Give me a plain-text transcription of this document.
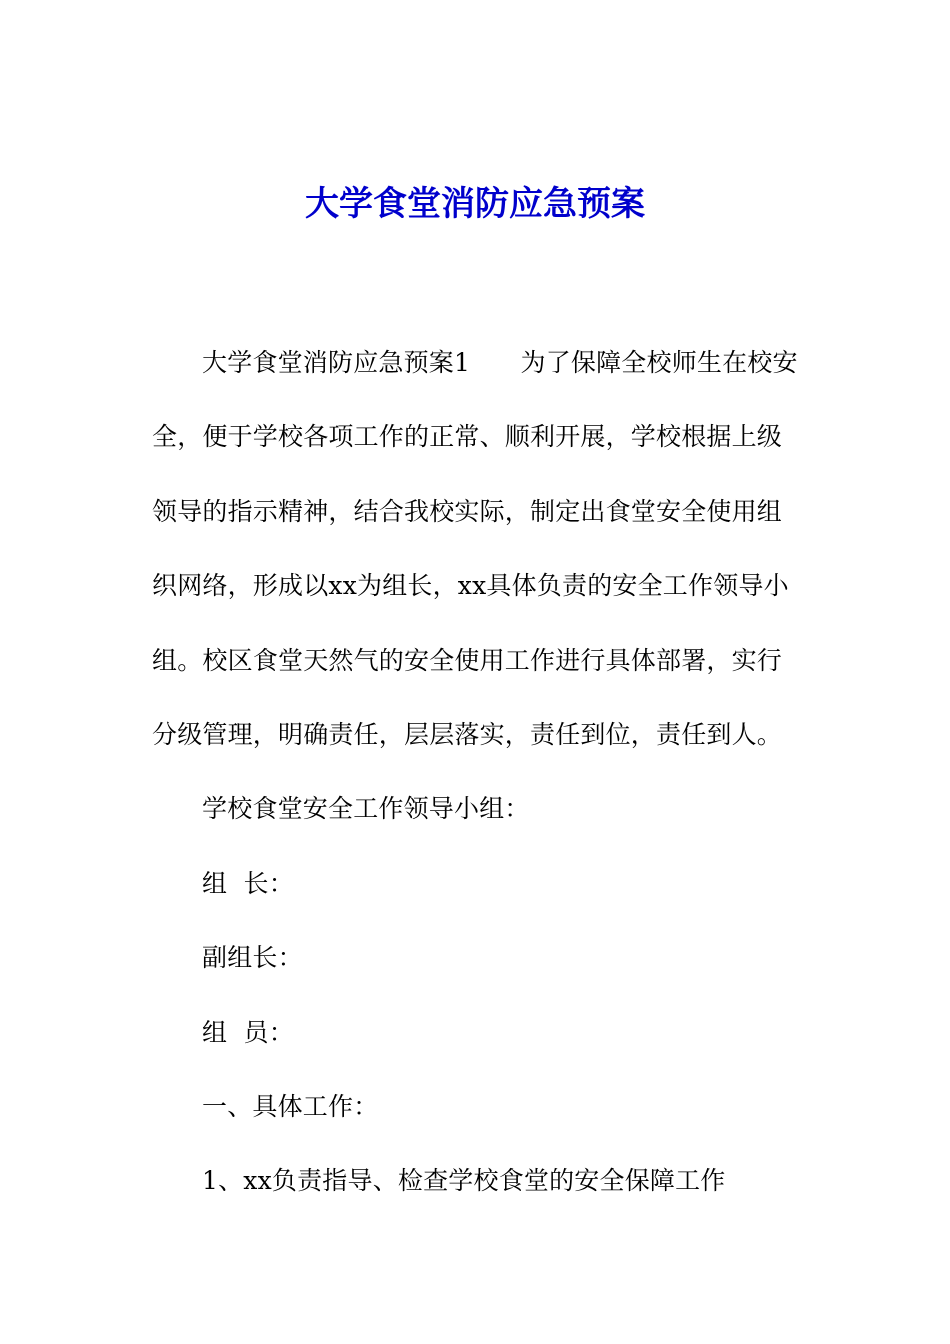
大学食堂消防应急预案

大学食堂消防应急预案1　　为了保障全校师生在校安全，便于学校各项工作的正常、顺利开展，学校根据上级领导的指示精神，结合我校实际，制定出食堂安全使用组织网络，形成以xx为组长，xx具体负责的安全工作领导小组。校区食堂天然气的安全使用工作进行具体部署，实行分级管理，明确责任，层层落实，责任到位，责任到人。

学校食堂安全工作领导小组：

组  长：

副组长：

组  员：

一、具体工作：

1、xx负责指导、检查学校食堂的安全保障工作
